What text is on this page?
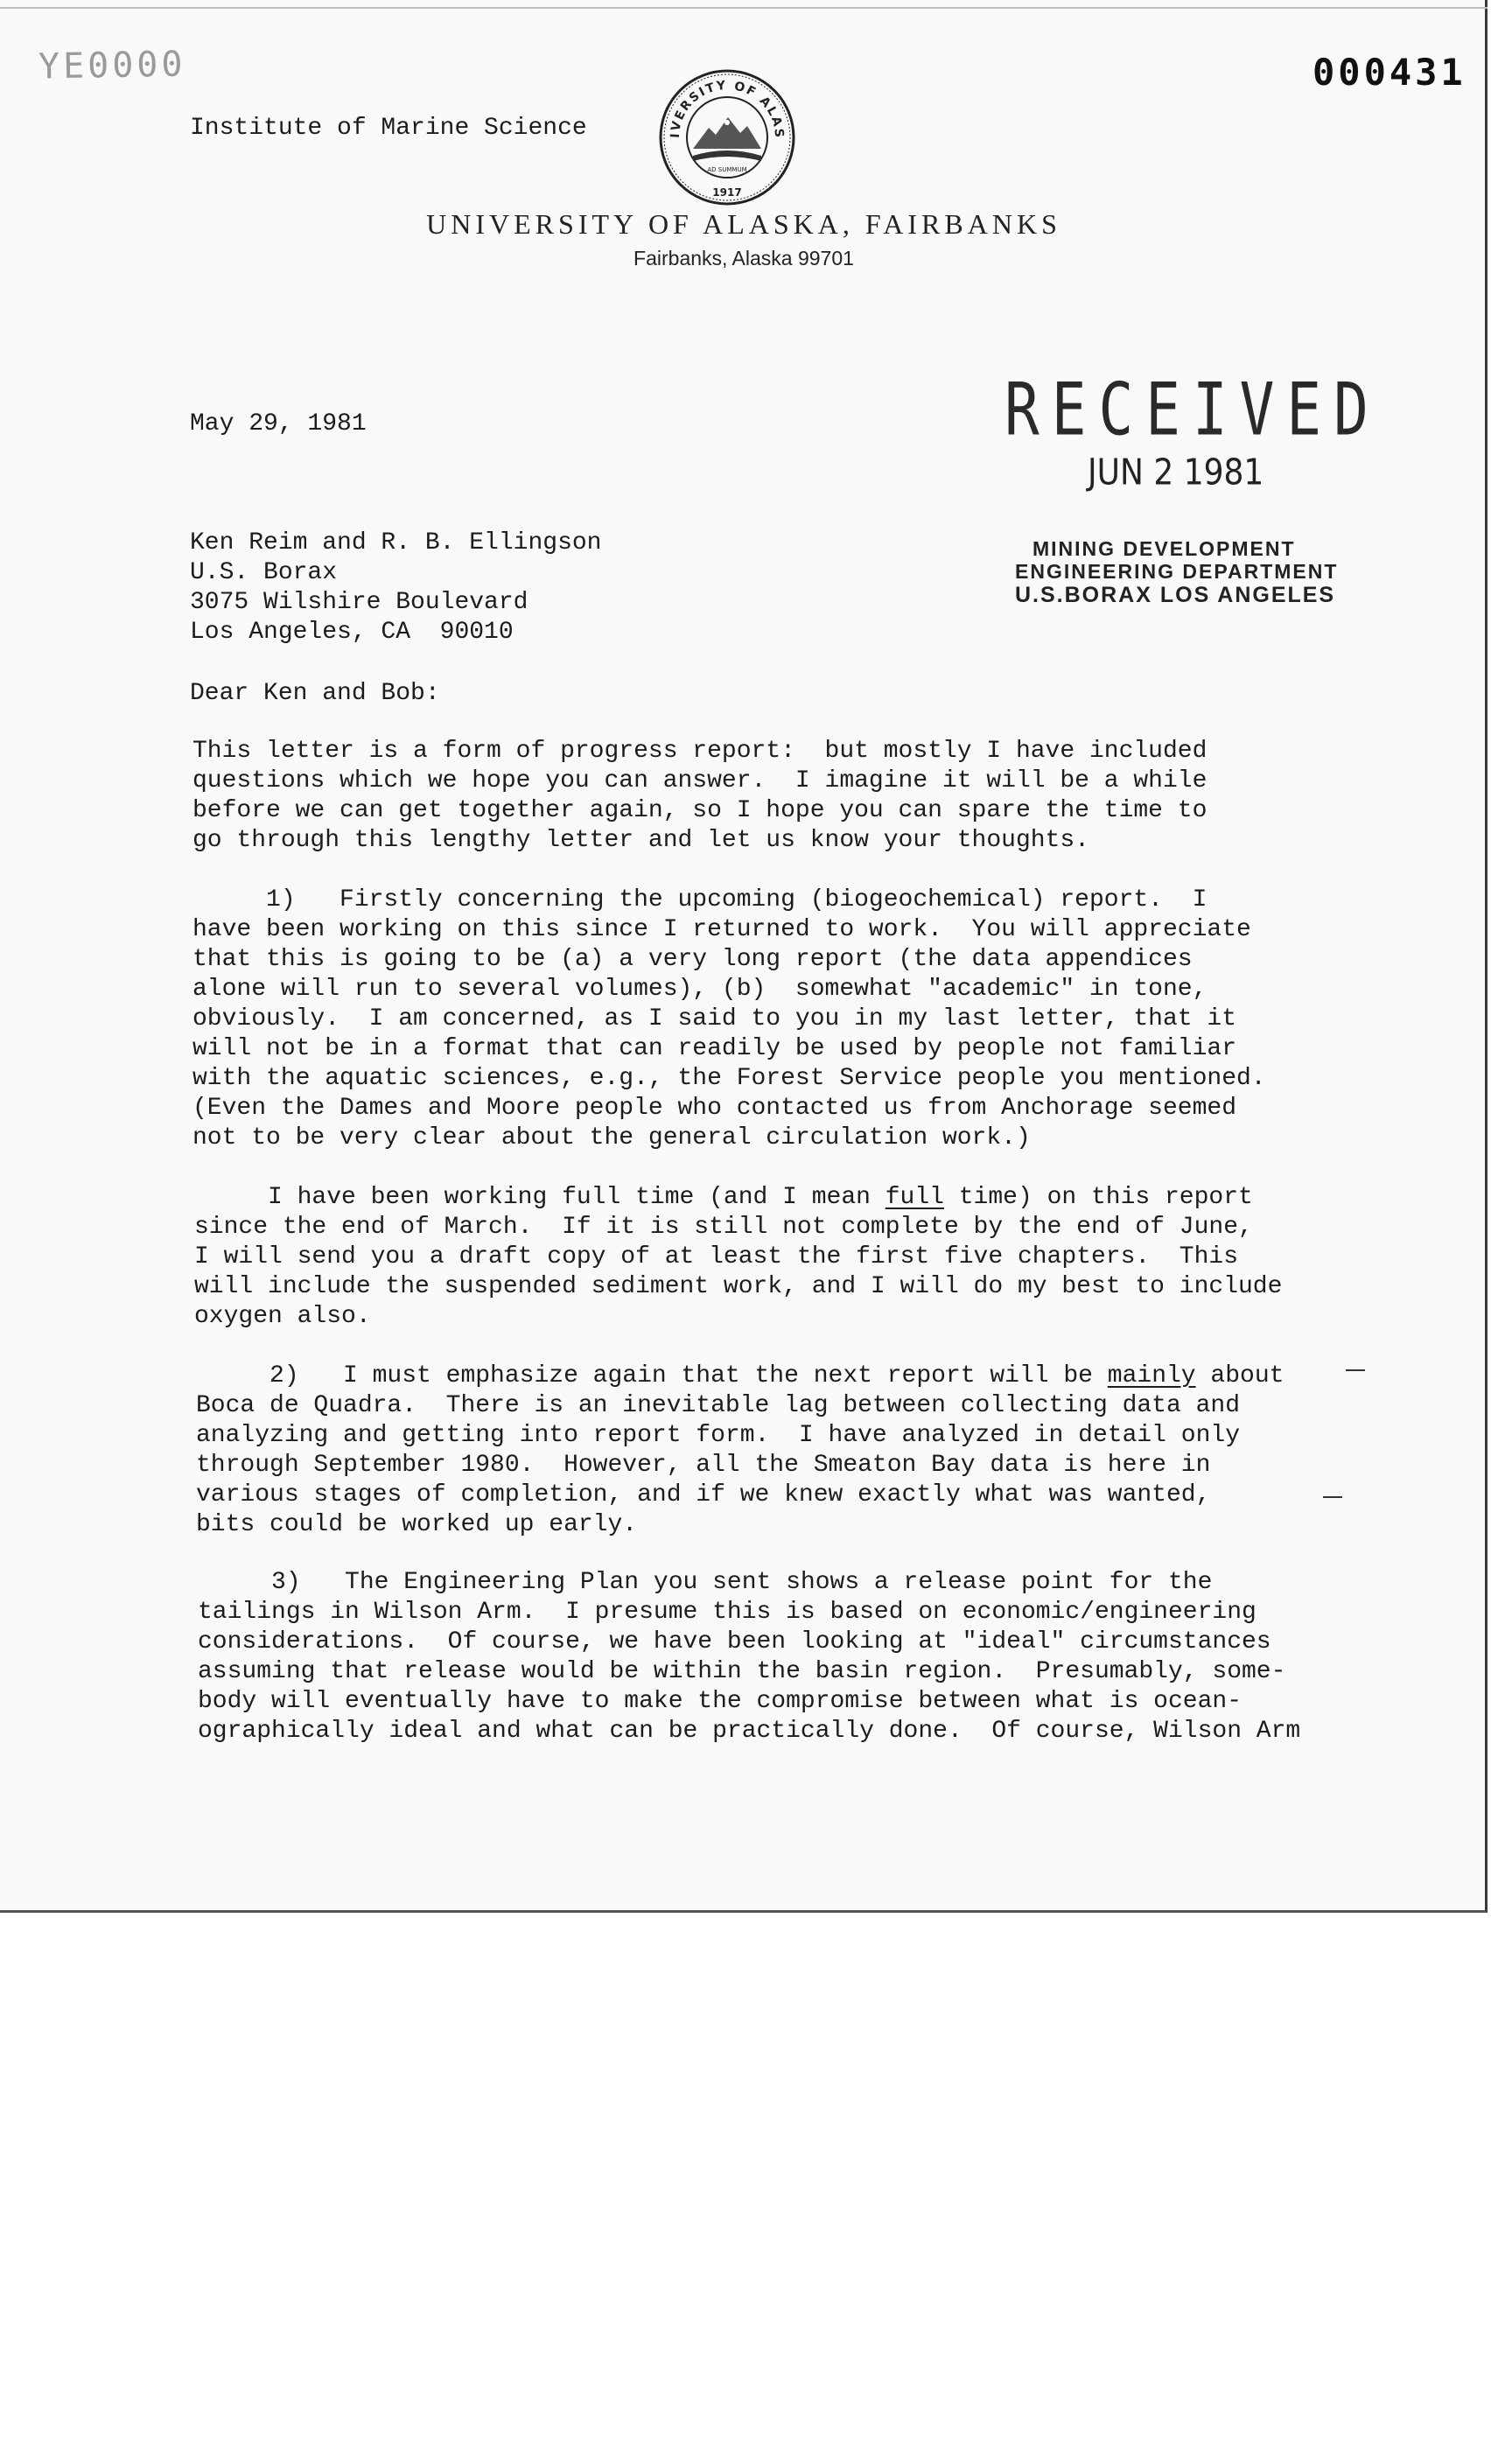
YE0000	000431
Institute of Marine Science	IVERSITY OF ALAS
AD SUMMUM
1917
UNIVERSITY OF ALASKA, FAIRBANKS
Fairbanks, Alaska 99701
RECEIVED
JUN 2 1981
MINING DEVELOPMENT
ENGINEERING DEPARTMENT
U.S.BORAX LOS ANGELES
May 29, 1981
Ken Reim and R. B. Ellingson
U.S. Borax
3075 Wilshire Boulevard
Los Angeles, CA  90010
Dear Ken and Bob:
This letter is a form of progress report:  but mostly I have included
questions which we hope you can answer.  I imagine it will be a while
before we can get together again, so I hope you can spare the time to
go through this lengthy letter and let us know your thoughts.
1)   Firstly concerning the upcoming (biogeochemical) report.  I
have been working on this since I returned to work.  You will appreciate
that this is going to be (a) a very long report (the data appendices
alone will run to several volumes), (b)  somewhat "academic" in tone,
obviously.  I am concerned, as I said to you in my last letter, that it
will not be in a format that can readily be used by people not familiar
with the aquatic sciences, e.g., the Forest Service people you mentioned.
(Even the Dames and Moore people who contacted us from Anchorage seemed
not to be very clear about the general circulation work.)
I have been working full time (and I mean full time) on this report
since the end of March.  If it is still not complete by the end of June,
I will send you a draft copy of at least the first five chapters.  This
will include the suspended sediment work, and I will do my best to include
oxygen also.
2)   I must emphasize again that the next report will be mainly about
Boca de Quadra.  There is an inevitable lag between collecting data and
analyzing and getting into report form.  I have analyzed in detail only
through September 1980.  However, all the Smeaton Bay data is here in
various stages of completion, and if we knew exactly what was wanted,
bits could be worked up early.
3)   The Engineering Plan you sent shows a release point for the
tailings in Wilson Arm.  I presume this is based on economic/engineering
considerations.  Of course, we have been looking at "ideal" circumstances
assuming that release would be within the basin region.  Presumably, some-
body will eventually have to make the compromise between what is ocean-
ographically ideal and what can be practically done.  Of course, Wilson Arm
